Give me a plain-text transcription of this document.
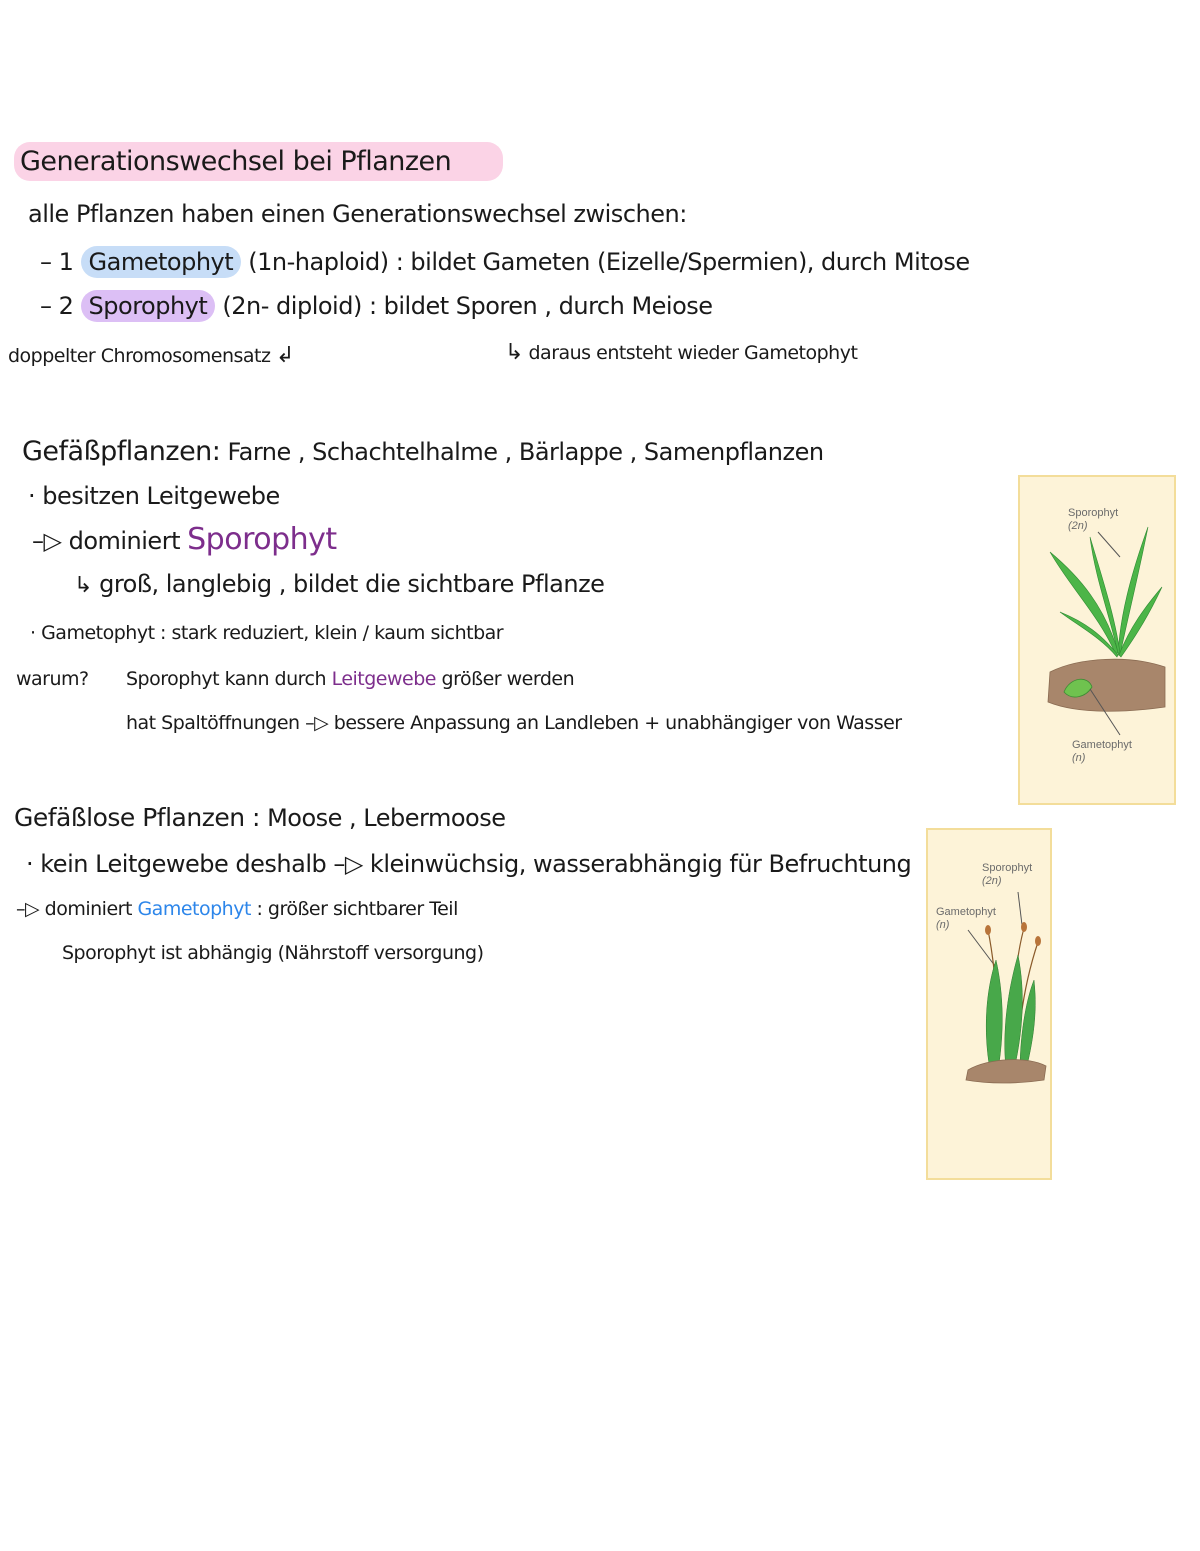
Generationswechsel bei Pflanzen
alle Pflanzen haben einen Generationswechsel zwischen:
– 1 Gametophyt (1n-haploid) : bildet Gameten (Eizelle/Spermien), durch Mitose
– 2 Sporophyt (2n- diploid) : bildet Sporen , durch Meiose
doppelter Chromosomensatz ↲	↳ daraus entsteht wieder Gametophyt
Gefäßpflanzen: Farne , Schachtelhalme , Bärlappe , Samenpflanzen
· besitzen Leitgewebe
–▷ dominiert Sporophyt
↳ groß, langlebig , bildet die sichtbare Pflanze
· Gametophyt : stark reduziert, klein / kaum sichtbar
warum? Sporophyt kann durch Leitgewebe größer werden
hat Spaltöffnungen –▷ bessere Anpassung an Landleben + unabhängiger von Wasser
Gefäßlose Pflanzen : Moose , Lebermoose
· kein Leitgewebe deshalb –▷ kleinwüchsig, wasserabhängig für Befruchtung
–▷ dominiert Gametophyt : größer sichtbarer Teil
Sporophyt ist abhängig (Nährstoff versorgung)
Sporophyt
(2n)
Gametophyt
(n)
Sporophyt
(2n)
Gametophyt
(n)
